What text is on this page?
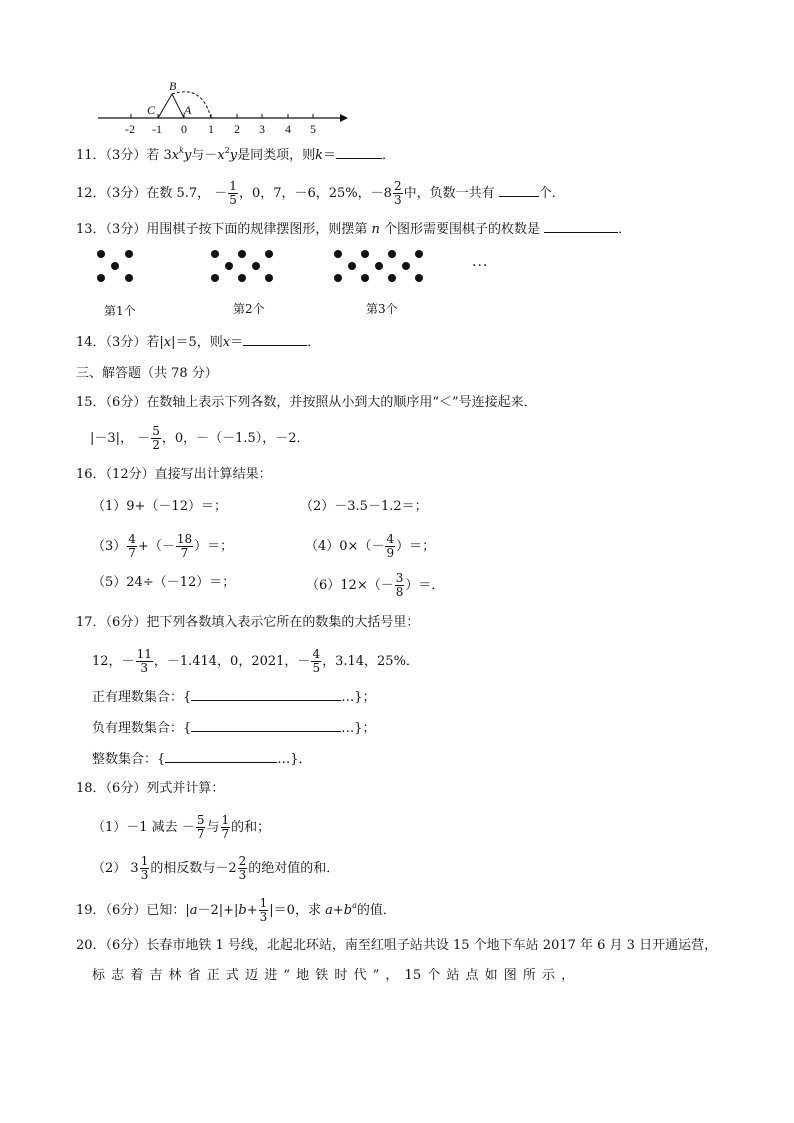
B
C A
-2 -1 0 1 2 3 4 5
11．（3分）若 $3x^ky$与$-x^2y$是同类项，则k＝	．
12．（3分）在数 5.7， － $\frac{1}{5}$ ，0，7，－6，25%，$-8 \frac{2}{3}$ 中，负数一共有	个．
13．（3分）用围棋子按下面的规律摆图形，则摆第 n 个图形需要围棋子的枚数是	．
···
第1个	第2个	第3个
14．（3分）若|x|＝5，则x＝	．
三、解答题（共 78 分）
15．（6分）在数轴上表示下列各数，并按照从小到大的顺序用“＜”号连接起来．
|－3|， － $\frac{5}{2}$ ，0，－（－1.5），－2．
16．（12分）直接写出计算结果：
（1）9+（－12）＝；	（2）－3.5－1.2＝；
$(3) \frac{4}{7}$ +（－ $\frac{18}{7}$ ）＝；	$(4)0\times(- \frac{4}{9}$ ）＝；
（5）24÷（－12）＝；	$(6)12\times(- \frac{3}{8}$ ）＝．
17．（6分）把下列各数填入表示它所在的数集的大括号里：
12，－ $\frac{11}{3}$ ，－1.414，0，2021，－ $\frac{4}{5}$ ，3.14，25%．
正有理数集合：{	…}；
负有理数集合：{	…}；
整数集合：{	…}．
18．（6分）列式并计算：
（1）－1 减去 － $\frac{5}{7}$ 与 $\frac{1}{7}$ 的和；
（2） $3 \frac{1}{3}$ 的相反数与$-2 \frac{2}{3}$ 的绝对值的和．
19．（6分）已知：$|a-2|+|b+ \frac{1}{3} |=0$，求 $a+b^a$的值．
20．（6分）长春市地铁 1 号线，北起北环站，南至红咀子站共设 15 个地下车站 2017 年 6 月 3 日开通运营，
标 志 着 吉 林 省 正 式 迈 进 “ 地 铁 时 代 ” ， 15 个 站 点 如 图 所 示 ，
